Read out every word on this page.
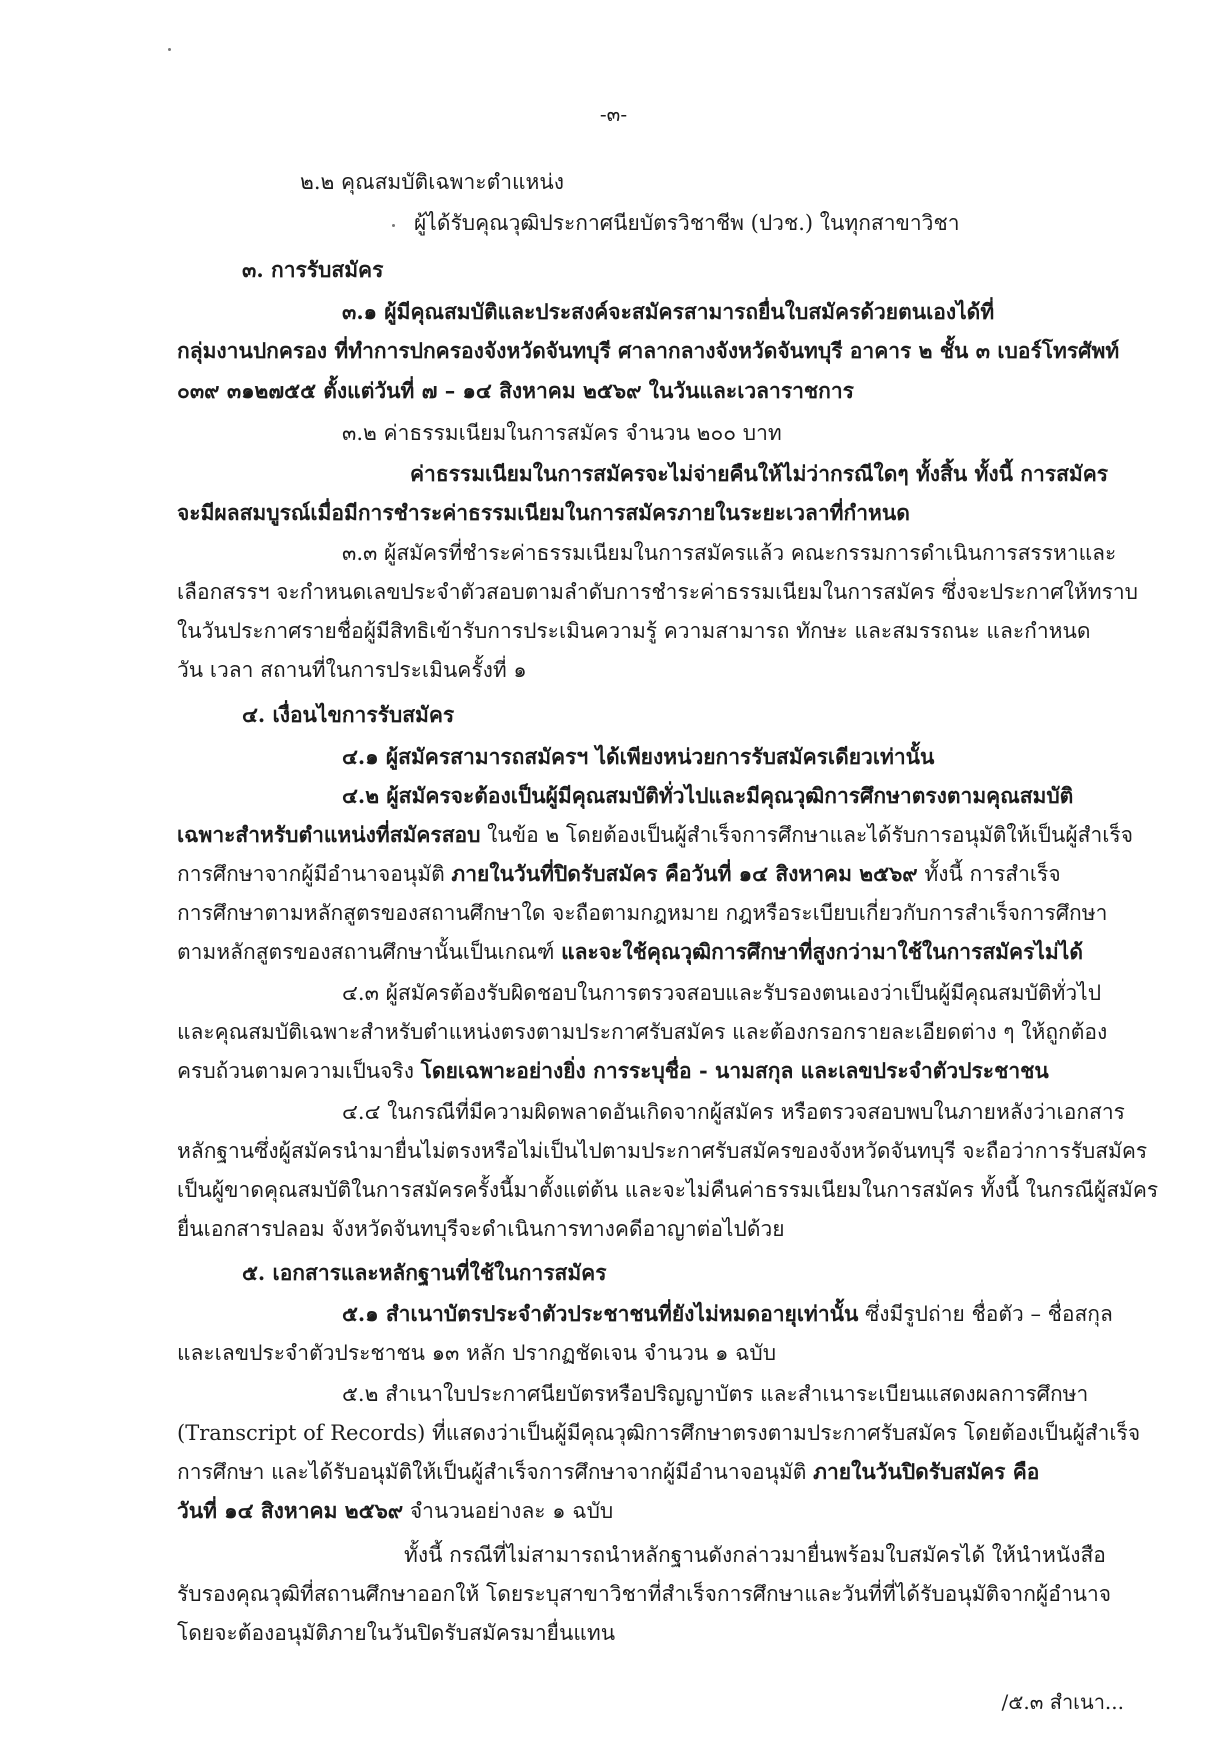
-๓-
๒.๒ คุณสมบัติเฉพาะตำแหน่ง
ผู้ได้รับคุณวุฒิประกาศนียบัตรวิชาชีพ (ปวช.) ในทุกสาขาวิชา
๓. การรับสมัคร
๓.๑ ผู้มีคุณสมบัติและประสงค์จะสมัครสามารถยื่นใบสมัครด้วยตนเองได้ที่
กลุ่มงานปกครอง ที่ทำการปกครองจังหวัดจันทบุรี ศาลากลางจังหวัดจันทบุรี อาคาร ๒ ชั้น ๓ เบอร์โทรศัพท์
๐๓๙ ๓๑๒๗๕๕ ตั้งแต่วันที่ ๗ – ๑๔ สิงหาคม ๒๕๖๙ ในวันและเวลาราชการ
๓.๒ ค่าธรรมเนียมในการสมัคร จำนวน ๒๐๐ บาท
ค่าธรรมเนียมในการสมัครจะไม่จ่ายคืนให้ไม่ว่ากรณีใดๆ ทั้งสิ้น ทั้งนี้ การสมัคร
จะมีผลสมบูรณ์เมื่อมีการชำระค่าธรรมเนียมในการสมัครภายในระยะเวลาที่กำหนด
๓.๓ ผู้สมัครที่ชำระค่าธรรมเนียมในการสมัครแล้ว คณะกรรมการดำเนินการสรรหาและ
เลือกสรรฯ จะกำหนดเลขประจำตัวสอบตามลำดับการชำระค่าธรรมเนียมในการสมัคร ซึ่งจะประกาศให้ทราบ
ในวันประกาศรายชื่อผู้มีสิทธิเข้ารับการประเมินความรู้ ความสามารถ ทักษะ และสมรรถนะ และกำหนด
วัน เวลา สถานที่ในการประเมินครั้งที่ ๑
๔. เงื่อนไขการรับสมัคร
๔.๑ ผู้สมัครสามารถสมัครฯ ได้เพียงหน่วยการรับสมัครเดียวเท่านั้น
๔.๒ ผู้สมัครจะต้องเป็นผู้มีคุณสมบัติทั่วไปและมีคุณวุฒิการศึกษาตรงตามคุณสมบัติ
เฉพาะสำหรับตำแหน่งที่สมัครสอบ ในข้อ ๒ โดยต้องเป็นผู้สำเร็จการศึกษาและได้รับการอนุมัติให้เป็นผู้สำเร็จ
การศึกษาจากผู้มีอำนาจอนุมัติ ภายในวันที่ปิดรับสมัคร คือวันที่ ๑๔ สิงหาคม ๒๕๖๙ ทั้งนี้ การสำเร็จ
การศึกษาตามหลักสูตรของสถานศึกษาใด จะถือตามกฎหมาย กฎหรือระเบียบเกี่ยวกับการสำเร็จการศึกษา
ตามหลักสูตรของสถานศึกษานั้นเป็นเกณฑ์ และจะใช้คุณวุฒิการศึกษาที่สูงกว่ามาใช้ในการสมัครไม่ได้
๔.๓ ผู้สมัครต้องรับผิดชอบในการตรวจสอบและรับรองตนเองว่าเป็นผู้มีคุณสมบัติทั่วไป
และคุณสมบัติเฉพาะสำหรับตำแหน่งตรงตามประกาศรับสมัคร และต้องกรอกรายละเอียดต่าง ๆ ให้ถูกต้อง
ครบถ้วนตามความเป็นจริง โดยเฉพาะอย่างยิ่ง การระบุชื่อ - นามสกุล และเลขประจำตัวประชาชน
๔.๔ ในกรณีที่มีความผิดพลาดอันเกิดจากผู้สมัคร หรือตรวจสอบพบในภายหลังว่าเอกสาร
หลักฐานซึ่งผู้สมัครนำมายื่นไม่ตรงหรือไม่เป็นไปตามประกาศรับสมัครของจังหวัดจันทบุรี จะถือว่าการรับสมัคร
เป็นผู้ขาดคุณสมบัติในการสมัครครั้งนี้มาตั้งแต่ต้น และจะไม่คืนค่าธรรมเนียมในการสมัคร ทั้งนี้ ในกรณีผู้สมัคร
ยื่นเอกสารปลอม จังหวัดจันทบุรีจะดำเนินการทางคดีอาญาต่อไปด้วย
๕. เอกสารและหลักฐานที่ใช้ในการสมัคร
๕.๑ สำเนาบัตรประจำตัวประชาชนที่ยังไม่หมดอายุเท่านั้น ซึ่งมีรูปถ่าย ชื่อตัว – ชื่อสกุล
และเลขประจำตัวประชาชน ๑๓ หลัก ปรากฏชัดเจน จำนวน ๑ ฉบับ
๕.๒ สำเนาใบประกาศนียบัตรหรือปริญญาบัตร และสำเนาระเบียนแสดงผลการศึกษา
(Transcript of Records) ที่แสดงว่าเป็นผู้มีคุณวุฒิการศึกษาตรงตามประกาศรับสมัคร โดยต้องเป็นผู้สำเร็จ
การศึกษา และได้รับอนุมัติให้เป็นผู้สำเร็จการศึกษาจากผู้มีอำนาจอนุมัติ ภายในวันปิดรับสมัคร คือ
วันที่ ๑๔ สิงหาคม ๒๕๖๙ จำนวนอย่างละ ๑ ฉบับ
ทั้งนี้ กรณีที่ไม่สามารถนำหลักฐานดังกล่าวมายื่นพร้อมใบสมัครได้ ให้นำหนังสือ
รับรองคุณวุฒิที่สถานศึกษาออกให้ โดยระบุสาขาวิชาที่สำเร็จการศึกษาและวันที่ที่ได้รับอนุมัติจากผู้อำนาจ
โดยจะต้องอนุมัติภายในวันปิดรับสมัครมายื่นแทน
/๕.๓ สำเนา...
